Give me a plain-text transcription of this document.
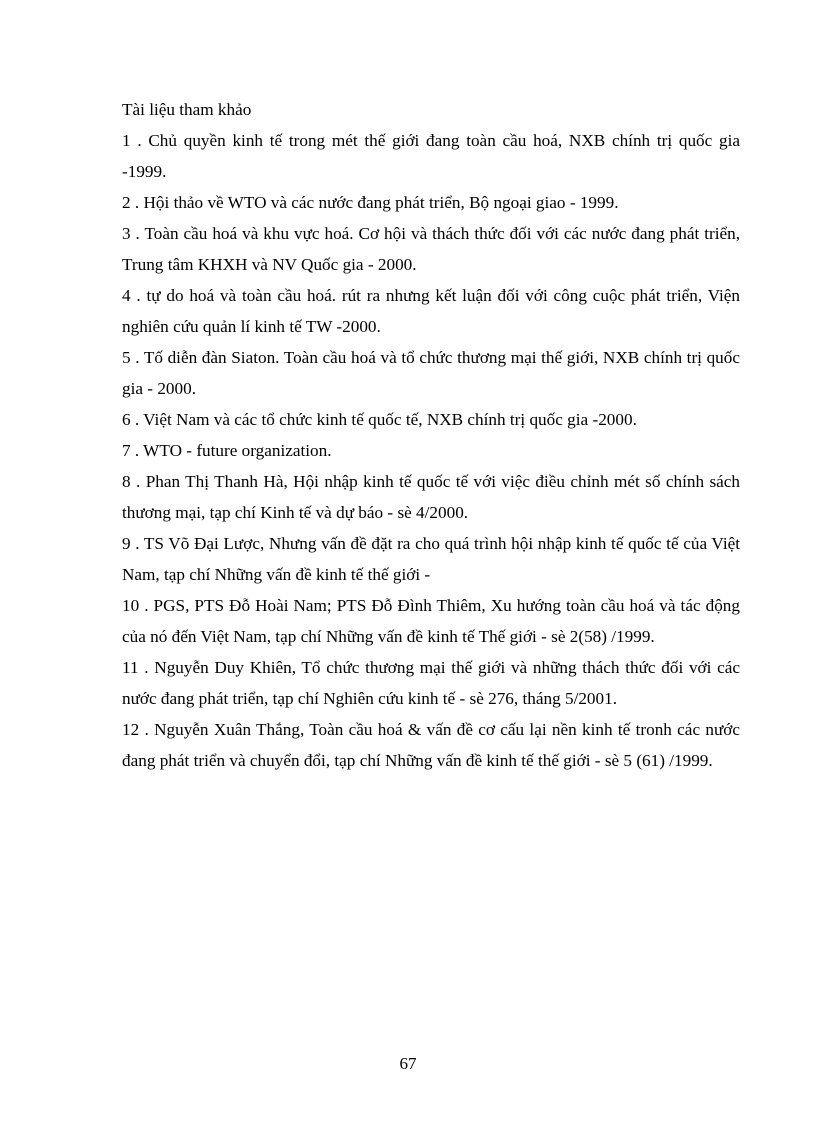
Tài liệu tham khảo
1 . Chủ quyền kinh tế trong mét thế giới đang toàn cầu hoá, NXB chính trị quốc gia -1999.
2 . Hội thảo về WTO và các nước đang phát triển, Bộ ngoại giao - 1999.
3 . Toàn cầu hoá và khu vực hoá. Cơ hội và thách thức đối với các nước đang phát triển, Trung tâm KHXH và NV Quốc gia - 2000.
4 . tự do hoá và toàn cầu hoá. rút ra nhưng kết luận đối với công cuộc phát triển, Viện nghiên cứu quản lí kinh tế TW -2000.
5 . Tố diễn đàn Siaton. Toàn cầu hoá và tổ chức thương mại thế giới, NXB chính trị quốc gia - 2000.
6 . Việt Nam và các tổ chức kinh tế quốc tế, NXB chính trị quốc gia -2000.
7 . WTO - future organization.
8 . Phan Thị Thanh Hà, Hội nhập kinh tế quốc tế với việc điều chỉnh mét số chính sách thương mại, tạp chí Kinh tế và dự báo - sè 4/2000.
9 . TS Võ Đại Lược, Nhưng vấn đề đặt ra cho quá trình hội nhập kinh tế quốc tế của Việt Nam, tạp chí Những vấn đề kinh tế thế giới -
10 . PGS, PTS Đỗ Hoài Nam; PTS Đỗ Đình Thiêm, Xu hướng toàn cầu hoá và tác động của nó đến Việt Nam, tạp chí Những vấn đề kinh tế Thế giới - sè 2(58) /1999.
11 . Nguyễn Duy Khiên, Tổ chức thương mại thế giới và những thách thức đối với các nước đang phát triển, tạp chí Nghiên cứu kinh tế - sè 276, tháng 5/2001.
12 . Nguyễn Xuân Thắng, Toàn cầu hoá & vấn đề cơ cấu lại nền kinh tế tronh các nước đang phát triển và chuyển đổi, tạp chí Những vấn đề kinh tế thế giới - sè 5 (61) /1999.
67
